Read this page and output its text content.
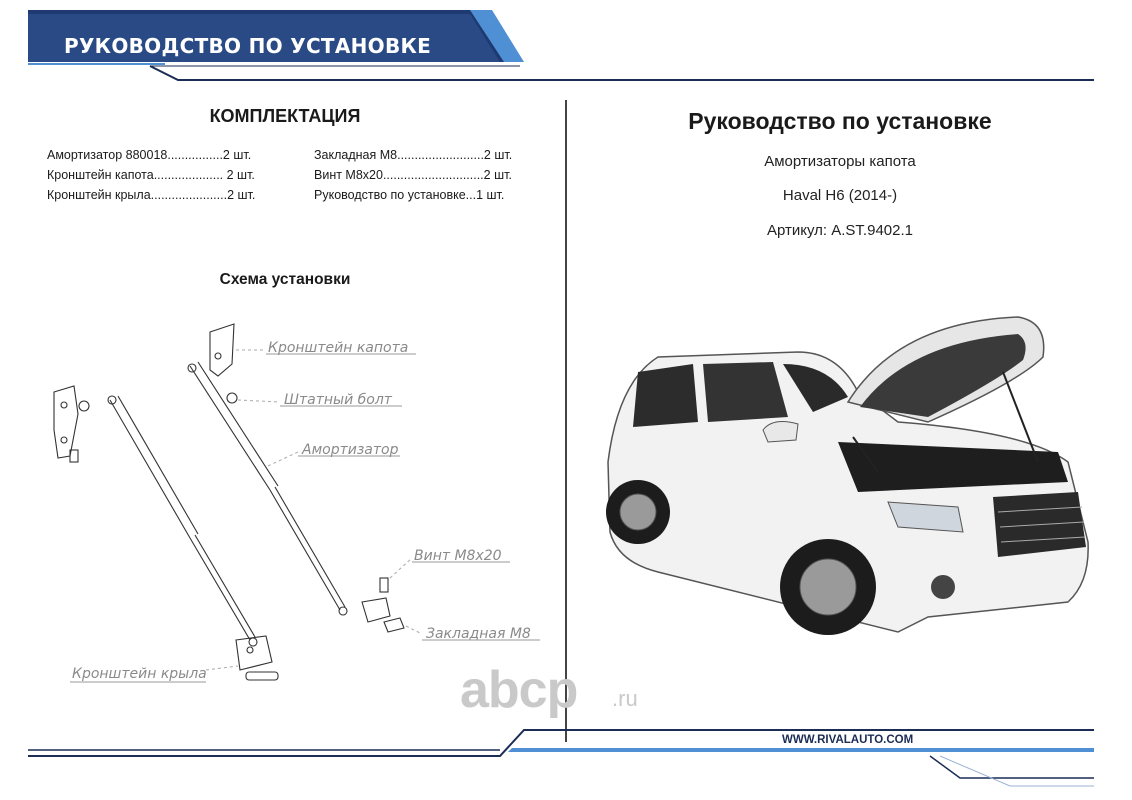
РУКОВОДСТВО ПО УСТАНОВКЕ
КОМПЛЕКТАЦИЯ
Амортизатор 880018................2 шт.
Кронштейн капота.................... 2 шт.
Кронштейн крыла......................2 шт.
Закладная М8.........................2 шт.
Винт М8х20.............................2 шт.
Руководство по установке...1 шт.
Схема установки
Кронштейн капота
Штатный болт
Амортизатор
Винт M8x20
Закладная М8
Кронштейн крыла
Руководство по установке
Амортизаторы капота
Haval H6 (2014-)
Артикул: A.ST.9402.1
abcp .ru
WWW.RIVALAUTO.COM
